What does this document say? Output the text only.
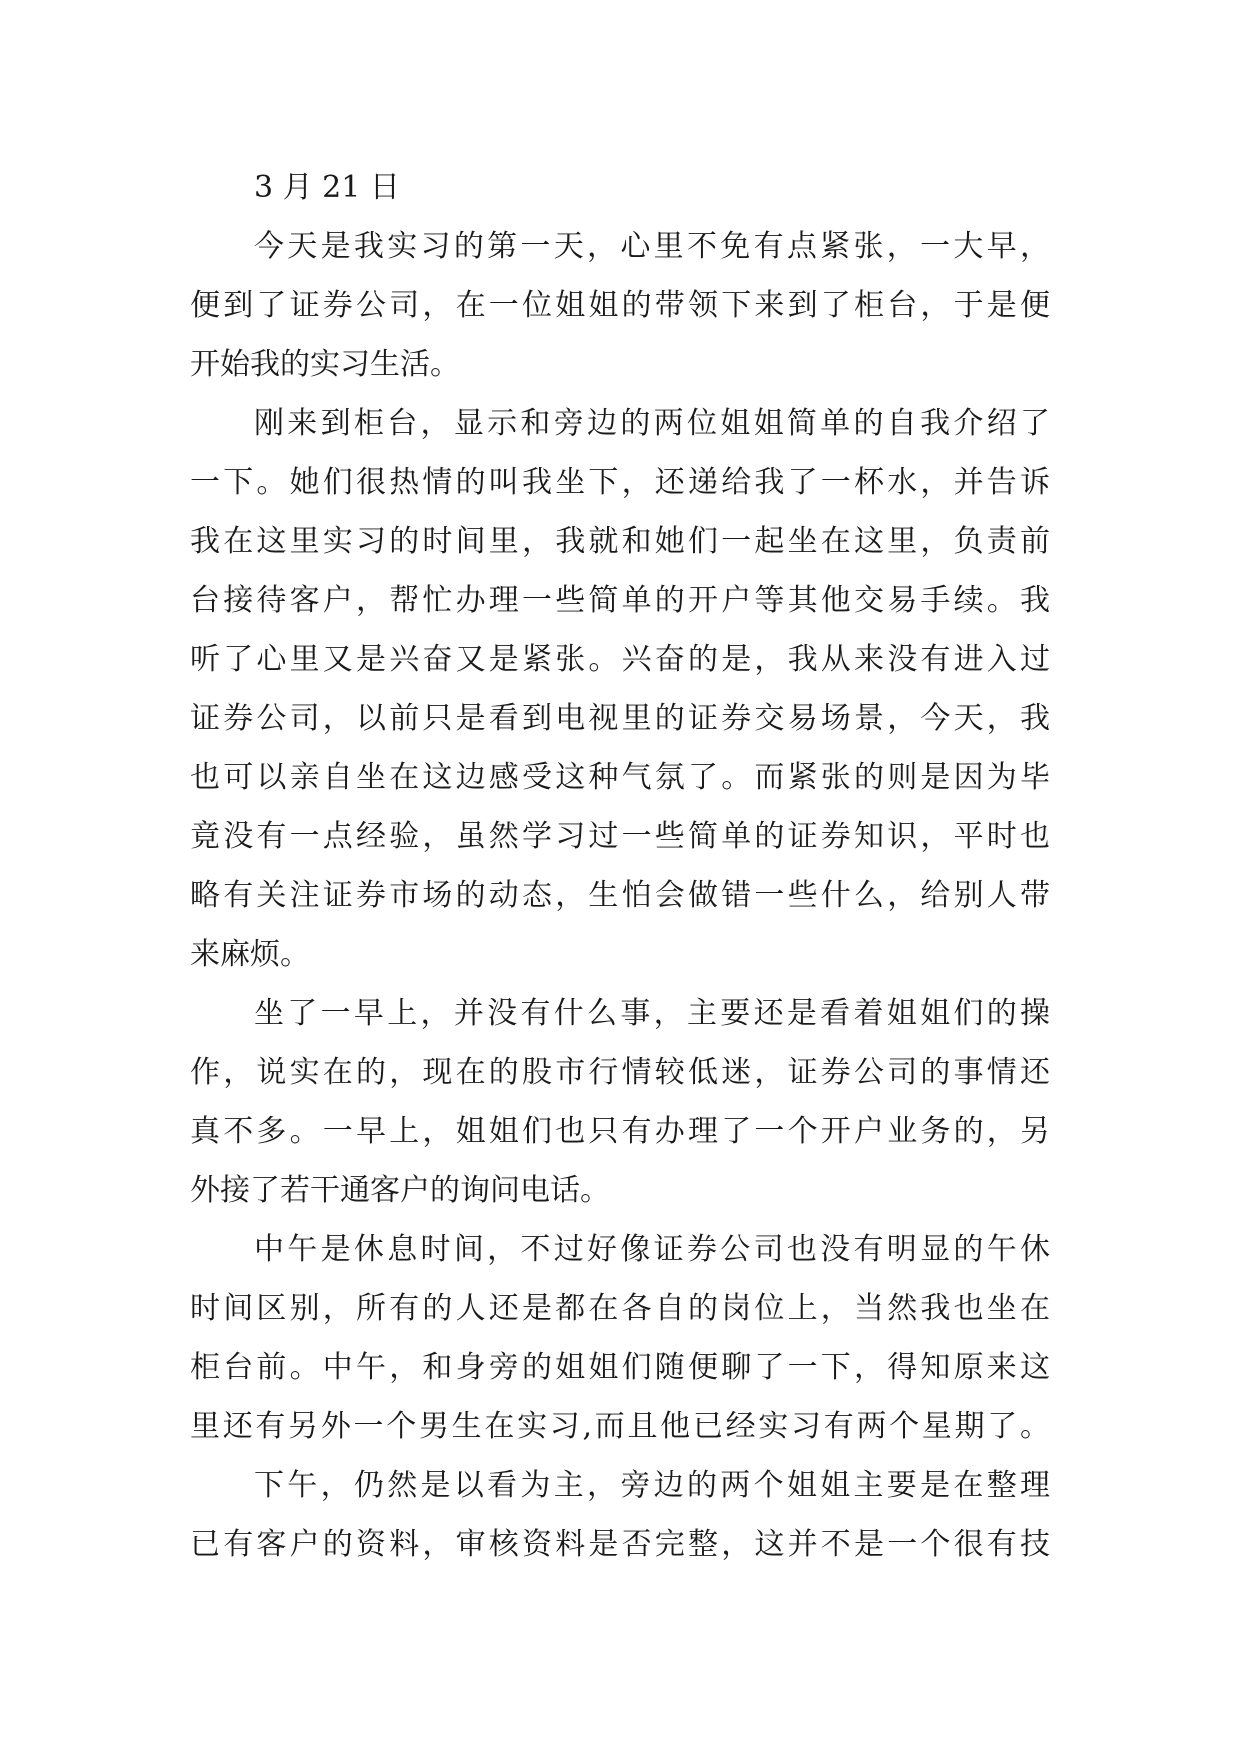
3 月 21 日
今天是我实习的第一天，心里不免有点紧张，一大早，
便到了证券公司，在一位姐姐的带领下来到了柜台，于是便
开始我的实习生活。
刚来到柜台，显示和旁边的两位姐姐简单的自我介绍了
一下。她们很热情的叫我坐下，还递给我了一杯水，并告诉
我在这里实习的时间里，我就和她们一起坐在这里，负责前
台接待客户，帮忙办理一些简单的开户等其他交易手续。我
听了心里又是兴奋又是紧张。兴奋的是，我从来没有进入过
证券公司，以前只是看到电视里的证券交易场景，今天，我
也可以亲自坐在这边感受这种气氛了。而紧张的则是因为毕
竟没有一点经验，虽然学习过一些简单的证券知识，平时也
略有关注证券市场的动态，生怕会做错一些什么，给别人带
来麻烦。
坐了一早上，并没有什么事，主要还是看着姐姐们的操
作，说实在的，现在的股市行情较低迷，证券公司的事情还
真不多。一早上，姐姐们也只有办理了一个开户业务的，另
外接了若干通客户的询问电话。
中午是休息时间，不过好像证券公司也没有明显的午休
时间区别，所有的人还是都在各自的岗位上，当然我也坐在
柜台前。中午，和身旁的姐姐们随便聊了一下，得知原来这
里还有另外一个男生在实习,而且他已经实习有两个星期了。
下午，仍然是以看为主，旁边的两个姐姐主要是在整理
已有客户的资料，审核资料是否完整，这并不是一个很有技
